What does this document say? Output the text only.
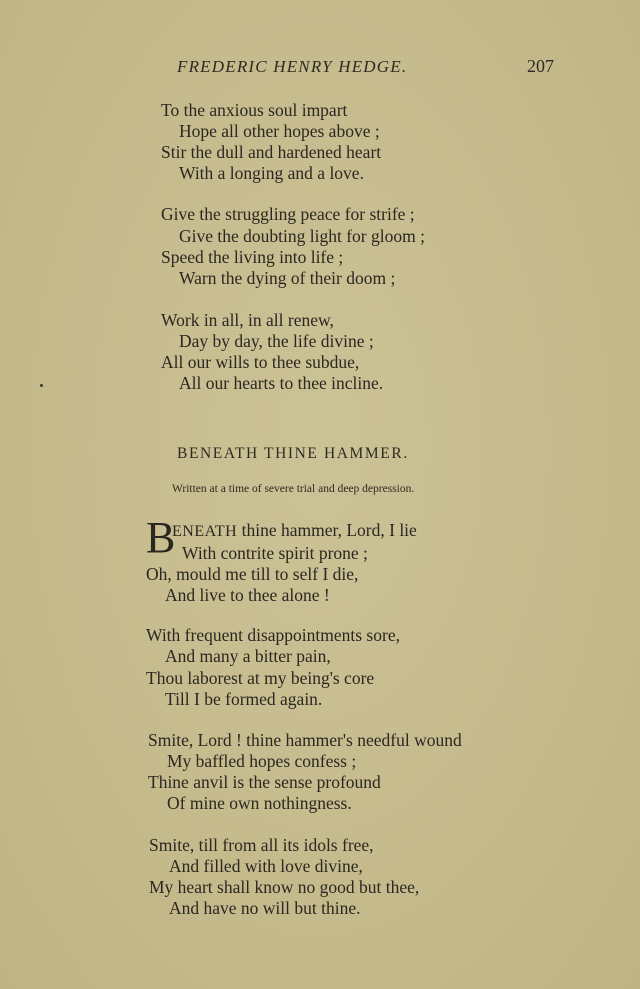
FREDERIC HENRY HEDGE.	207
To the anxious soul impart
Hope all other hopes above ;
Stir the dull and hardened heart
With a longing and a love.
Give the struggling peace for strife ;
Give the doubting light for gloom ;
Speed the living into life ;
Warn the dying of their doom ;
Work in all, in all renew,
Day by day, the life divine ;
All our wills to thee subdue,
All our hearts to thee incline.
BENEATH THINE HAMMER.
Written at a time of severe trial and deep depression.
B
ENEATH thine hammer, Lord, I lie
With contrite spirit prone ;
Oh, mould me till to self I die,
And live to thee alone !
With frequent disappointments sore,
And many a bitter pain,
Thou laborest at my being's core
Till I be formed again.
Smite, Lord ! thine hammer's needful wound
My baffled hopes confess ;
Thine anvil is the sense profound
Of mine own nothingness.
Smite, till from all its idols free,
And filled with love divine,
My heart shall know no good but thee,
And have no will but thine.
